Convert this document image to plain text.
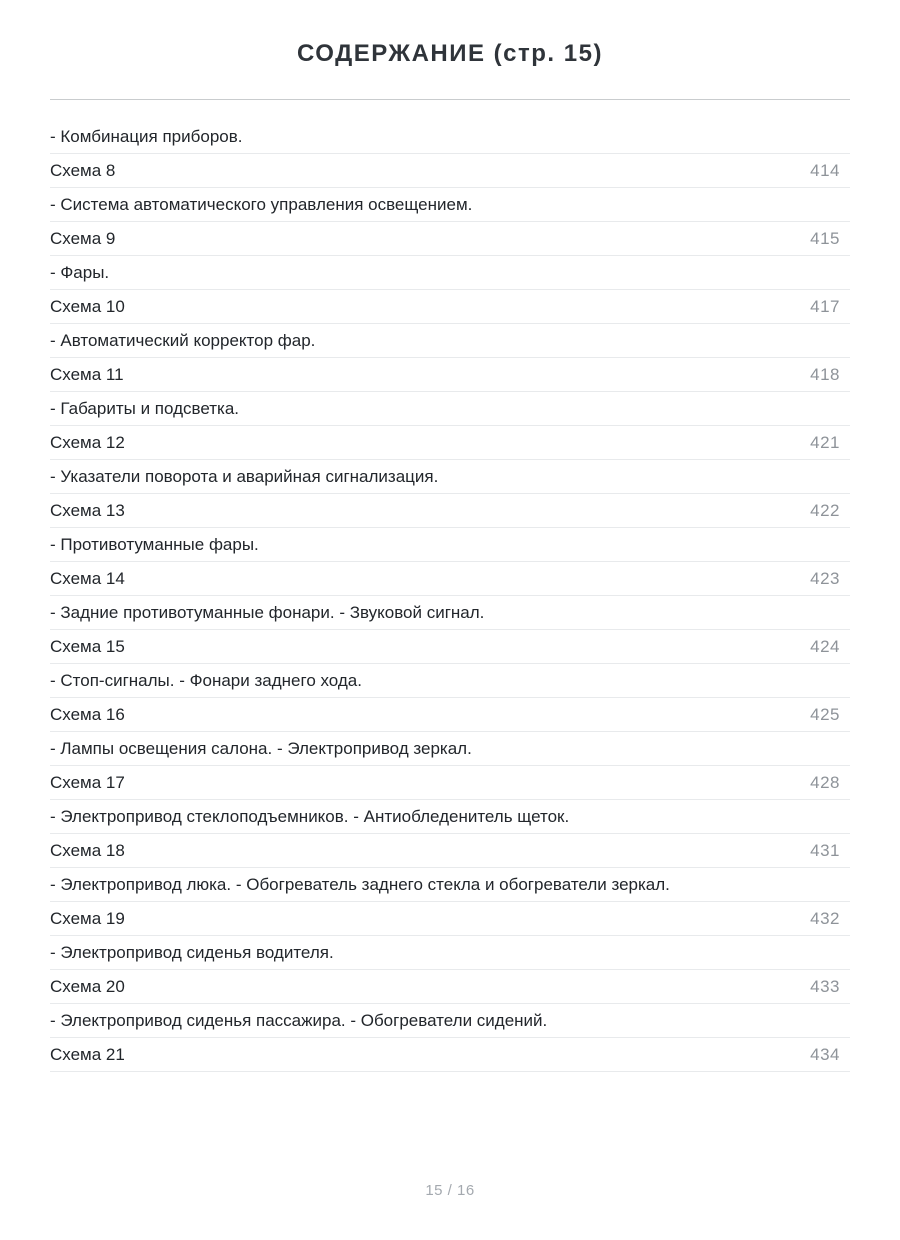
СОДЕРЖАНИЕ (стр. 15)
- Комбинация приборов.
Схема 8	414
- Система автоматического управления освещением.
Схема 9	415
- Фары.
Схема 10	417
- Автоматический корректор фар.
Схема 11	418
- Габариты и подсветка.
Схема 12	421
- Указатели поворота и аварийная сигнализация.
Схема 13	422
- Противотуманные фары.
Схема 14	423
- Задние противотуманные фонари. - Звуковой сигнал.
Схема 15	424
- Стоп-сигналы. - Фонари заднего хода.
Схема 16	425
- Лампы освещения салона. - Электропривод зеркал.
Схема 17	428
- Электропривод стеклоподъемников. - Антиобледенитель щеток.
Схема 18	431
- Электропривод люка. - Обогреватель заднего стекла и обогреватели зеркал.
Схема 19	432
- Электропривод сиденья водителя.
Схема 20	433
- Электропривод сиденья пассажира. - Обогреватели сидений.
Схема 21	434
15 / 16
